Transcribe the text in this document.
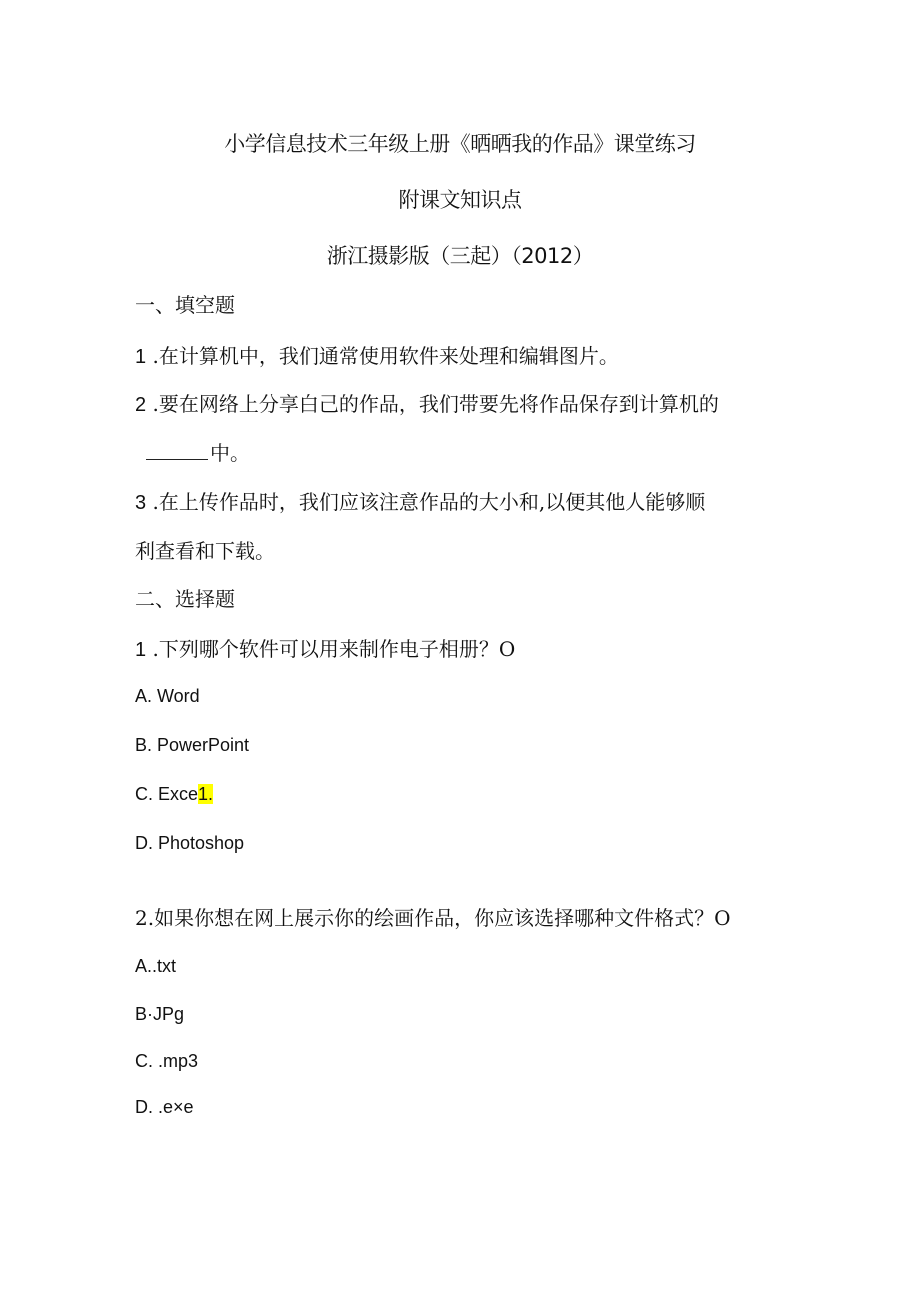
小学信息技术三年级上册《晒晒我的作品》课堂练习
附课文知识点
浙江摄影版（三起）（2012）
一、填空题
1 .在计算机中，我们通常使用软件来处理和编辑图片。
2 .要在网络上分享白己的作品，我们带要先将作品保存到计算机的
中。
3 .在上传作品时，我们应该注意作品的大小和,以便其他人能够顺
利查看和下载。
二、选择题
1 .下列哪个软件可以用来制作电子相册？O
A. Word
B. PowerPoint
C. Exce1.
D. Photoshop
2.如果你想在网上展示你的绘画作品，你应该选择哪种文件格式？O
A..txt
B·JPg
C. .mp3
D. .e×e
